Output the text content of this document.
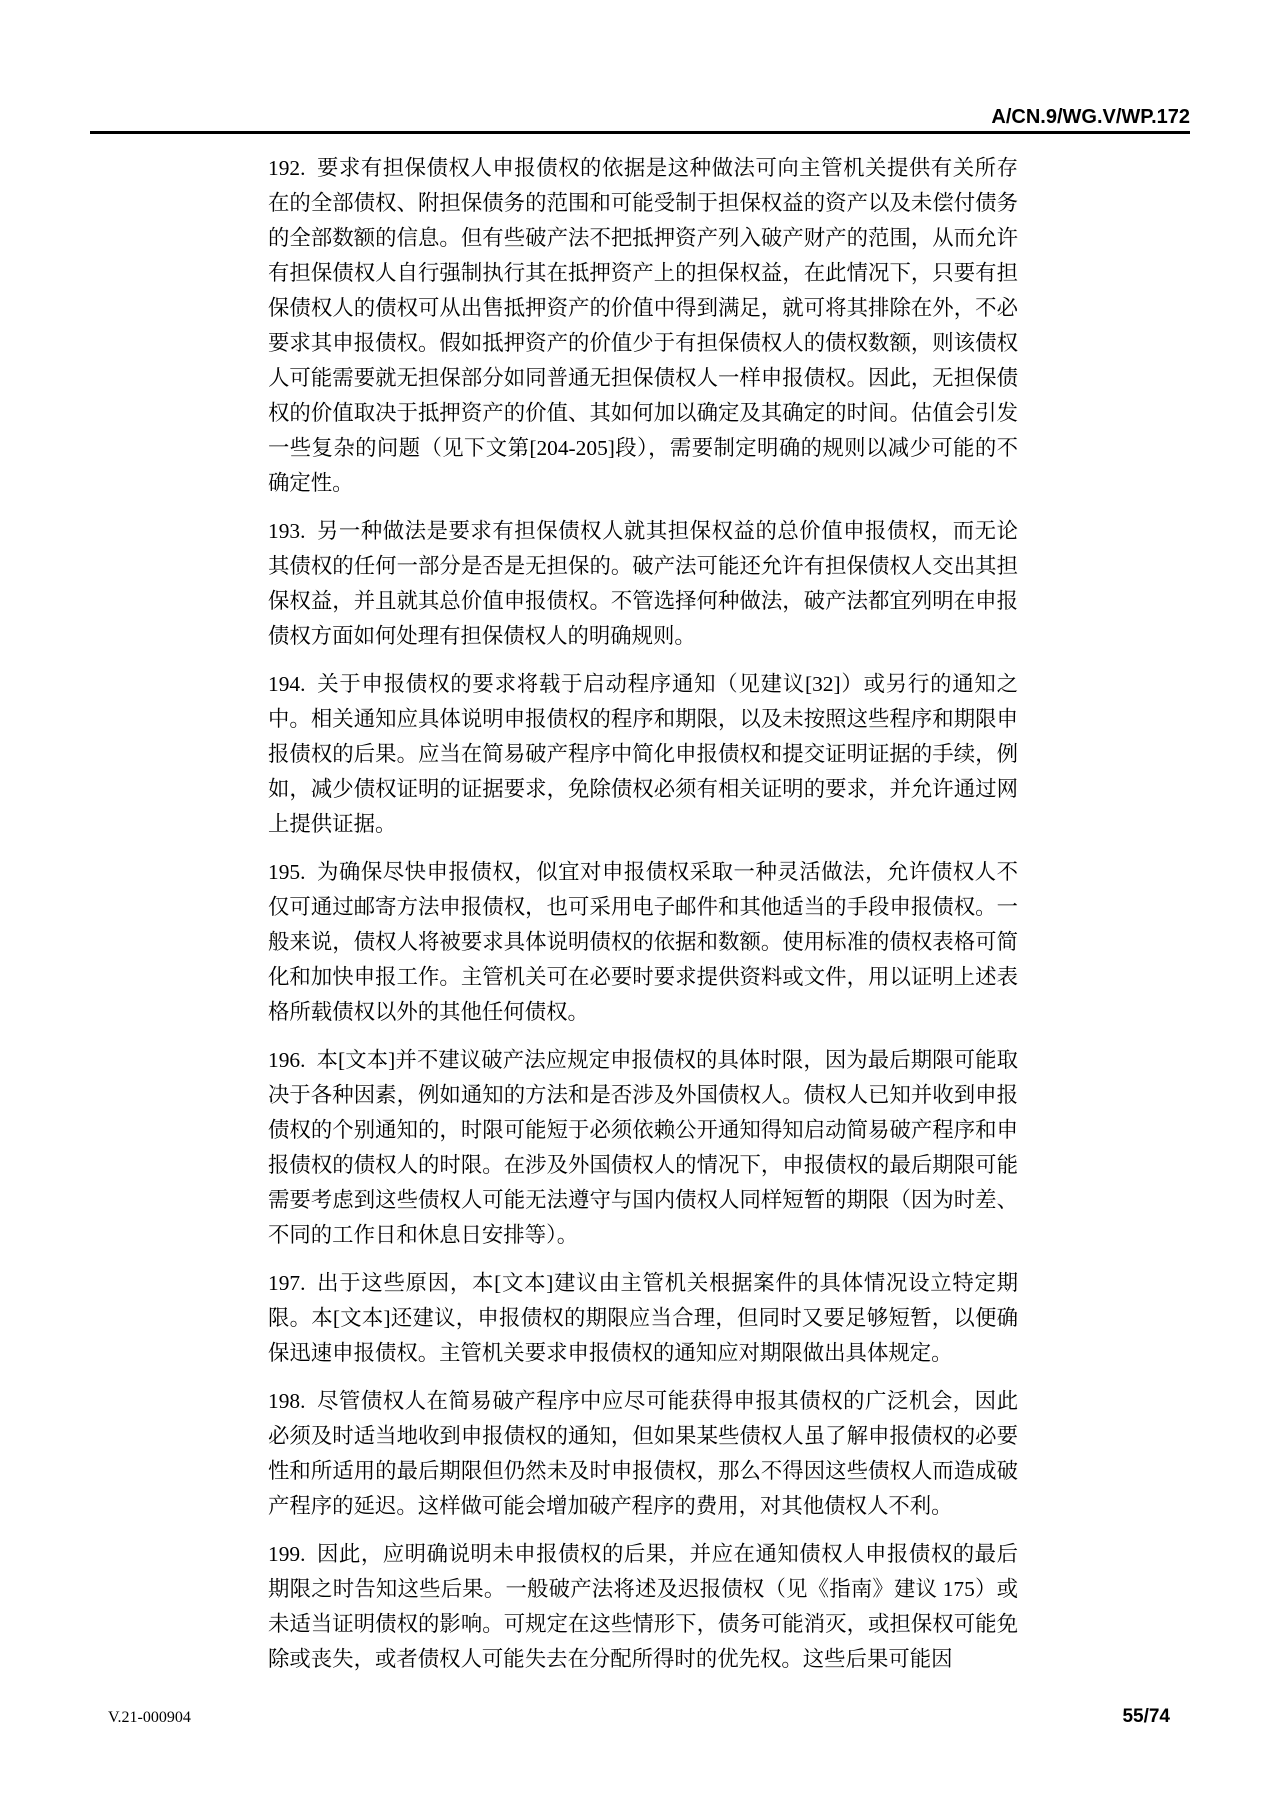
A/CN.9/WG.V/WP.172

192. 要求有担保债权人申报债权的依据是这种做法可向主管机关提供有关所存在的全部债权、附担保债务的范围和可能受制于担保权益的资产以及未偿付债务的全部数额的信息。但有些破产法不把抵押资产列入破产财产的范围，从而允许有担保债权人自行强制执行其在抵押资产上的担保权益，在此情况下，只要有担保债权人的债权可从出售抵押资产的价值中得到满足，就可将其排除在外，不必要求其申报债权。假如抵押资产的价值少于有担保债权人的债权数额，则该债权人可能需要就无担保部分如同普通无担保债权人一样申报债权。因此，无担保债权的价值取决于抵押资产的价值、其如何加以确定及其确定的时间。估值会引发一些复杂的问题（见下文第[204-205]段），需要制定明确的规则以减少可能的不确定性。

193. 另一种做法是要求有担保债权人就其担保权益的总价值申报债权，而无论其债权的任何一部分是否是无担保的。破产法可能还允许有担保债权人交出其担保权益，并且就其总价值申报债权。不管选择何种做法，破产法都宜列明在申报债权方面如何处理有担保债权人的明确规则。

194. 关于申报债权的要求将载于启动程序通知（见建议[32]）或另行的通知之中。相关通知应具体说明申报债权的程序和期限，以及未按照这些程序和期限申报债权的后果。应当在简易破产程序中简化申报债权和提交证明证据的手续，例如，减少债权证明的证据要求，免除债权必须有相关证明的要求，并允许通过网上提供证据。

195. 为确保尽快申报债权，似宜对申报债权采取一种灵活做法，允许债权人不仅可通过邮寄方法申报债权，也可采用电子邮件和其他适当的手段申报债权。一般来说，债权人将被要求具体说明债权的依据和数额。使用标准的债权表格可简化和加快申报工作。主管机关可在必要时要求提供资料或文件，用以证明上述表格所载债权以外的其他任何债权。

196. 本[文本]并不建议破产法应规定申报债权的具体时限，因为最后期限可能取决于各种因素，例如通知的方法和是否涉及外国债权人。债权人已知并收到申报债权的个别通知的，时限可能短于必须依赖公开通知得知启动简易破产程序和申报债权的债权人的时限。在涉及外国债权人的情况下，申报债权的最后期限可能需要考虑到这些债权人可能无法遵守与国内债权人同样短暂的期限（因为时差、不同的工作日和休息日安排等）。

197. 出于这些原因，本[文本]建议由主管机关根据案件的具体情况设立特定期限。本[文本]还建议，申报债权的期限应当合理，但同时又要足够短暂，以便确保迅速申报债权。主管机关要求申报债权的通知应对期限做出具体规定。

198. 尽管债权人在简易破产程序中应尽可能获得申报其债权的广泛机会，因此必须及时适当地收到申报债权的通知，但如果某些债权人虽了解申报债权的必要性和所适用的最后期限但仍然未及时申报债权，那么不得因这些债权人而造成破产程序的延迟。这样做可能会增加破产程序的费用，对其他债权人不利。

199. 因此，应明确说明未申报债权的后果，并应在通知债权人申报债权的最后期限之时告知这些后果。一般破产法将述及迟报债权（见《指南》建议 175）或未适当证明债权的影响。可规定在这些情形下，债务可能消灭，或担保权可能免除或丧失，或者债权人可能失去在分配所得时的优先权。这些后果可能因

V.21-000904	55/74
